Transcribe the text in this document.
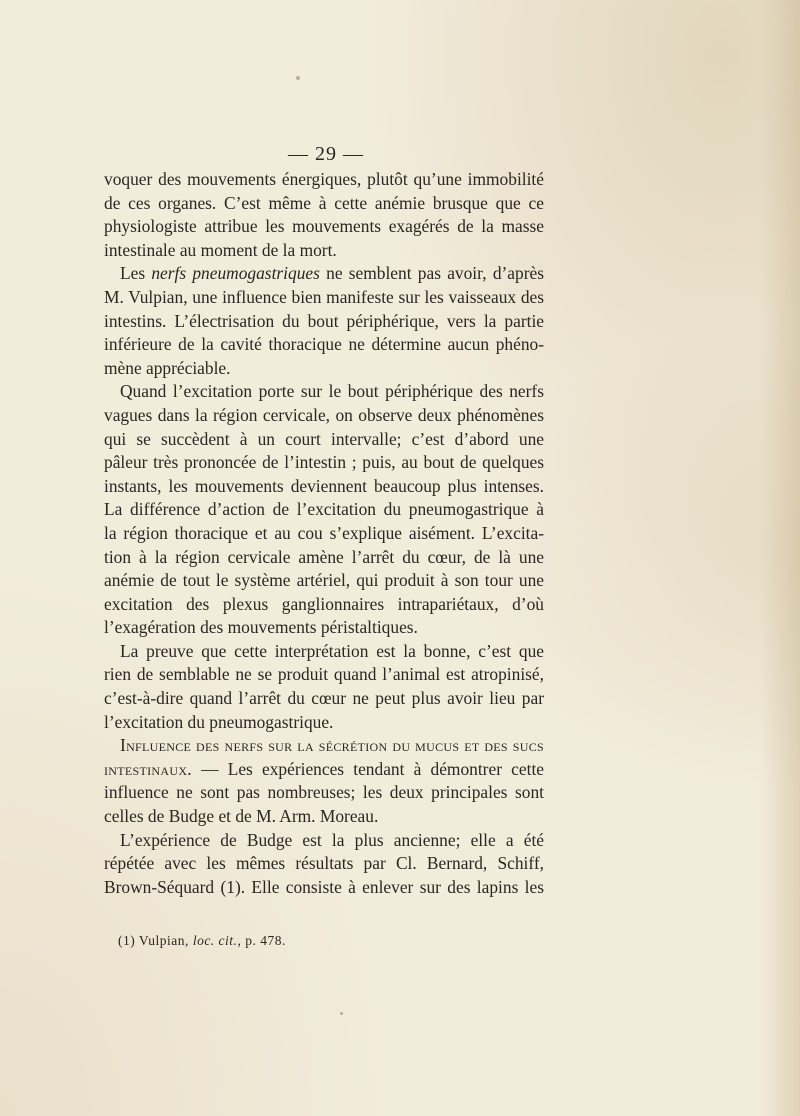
— 29 —

voquer des mouvements énergiques, plutôt qu’une immobilité
de ces organes. C’est même à cette anémie brusque que ce
physiologiste attribue les mouvements exagérés de la masse
intestinale au moment de la mort.

Les nerfs pneumogastriques ne semblent pas avoir, d’après
M. Vulpian, une influence bien manifeste sur les vaisseaux des
intestins. L’électrisation du bout périphérique, vers la partie
inférieure de la cavité thoracique ne détermine aucun phéno-
mène appréciable.

Quand l’excitation porte sur le bout périphérique des nerfs
vagues dans la région cervicale, on observe deux phénomènes
qui se succèdent à un court intervalle; c’est d’abord une
pâleur très prononcée de l’intestin ; puis, au bout de quelques
instants, les mouvements deviennent beaucoup plus intenses.
La différence d’action de l’excitation du pneumogastrique à
la région thoracique et au cou s’explique aisément. L’excita-
tion à la région cervicale amène l’arrêt du cœur, de là une
anémie de tout le système artériel, qui produit à son tour une
excitation des plexus ganglionnaires intrapariétaux, d’où
l’exagération des mouvements péristaltiques.

La preuve que cette interprétation est la bonne, c’est que
rien de semblable ne se produit quand l’animal est atropinisé,
c’est-à-dire quand l’arrêt du cœur ne peut plus avoir lieu par
l’excitation du pneumogastrique.

Influence des nerfs sur la sécrétion du mucus et des sucs
intestinaux. — Les expériences tendant à démontrer cette
influence ne sont pas nombreuses; les deux principales sont
celles de Budge et de M. Arm. Moreau.

L’expérience de Budge est la plus ancienne; elle a été
répétée avec les mêmes résultats par Cl. Bernard, Schiff,
Brown-Séquard (1). Elle consiste à enlever sur des lapins les

(1) Vulpian, loc. cit., p. 478.
